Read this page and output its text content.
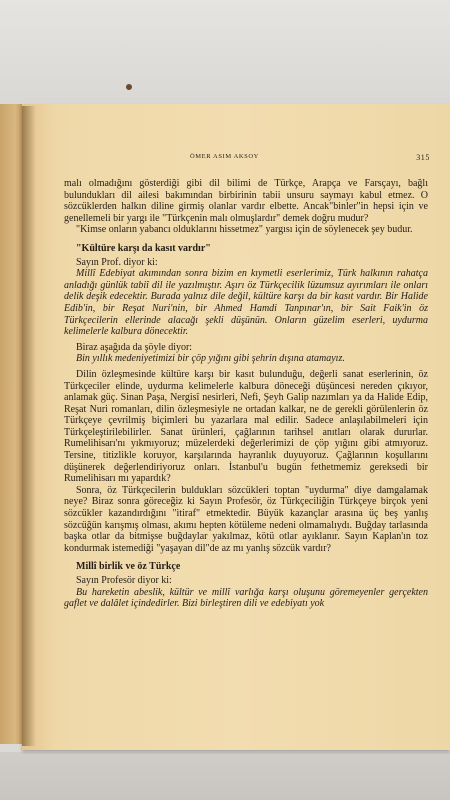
ÖMER ASIM AKSOY	315

malı olmadığını gösterdiği gibi dil bilimi de Türkçe, Arapça ve Farsçayı, bağlı bulundukları dil ailesi bakımından birbirinin tabii unsuru saymayı kabul etmez. O sözcüklerden halkın diline girmiş olanlar vardır elbette. Ancak"binler"in hepsi için ve genellemeli bir yargı ile "Türkçenin malı olmuşlardır" demek doğru mudur?

"Kimse onların yabancı olduklarını hissetmez" yargısı için de söylenecek şey budur.

"Kültüre karşı da kasıt vardır"

Sayın Prof. diyor ki:

Millî Edebiyat akımından sonra bizim en kıymetli eserlerimiz, Türk halkının rahatça anladığı günlük tabiî dil ile yazılmıştır. Aşırı öz Türkçecilik lüzumsuz ayırımları ile onları delik deşik edecektir. Burada yalnız dile değil, kültüre karşı da bir kasıt vardır. Bir Halide Edib'in, bir Reşat Nuri'nin, bir Ahmed Hamdi Tanpınar'ın, bir Sait Faik'in öz Türkçecilerin ellerinde alacağı şekli düşünün. Onların güzelim eserleri, uydurma kelimelerle kalbura dönecektir.

Biraz aşağıda da şöyle diyor:

Bin yıllık medeniyetimizi bir çöp yığını gibi şehrin dışına atamayız.

Dilin özleşmesinde kültüre karşı bir kasıt bulunduğu, değerli sanat eserlerinin, öz Türkçeciler elinde, uydurma kelimelerle kalbura döneceği düşüncesi nereden çıkıyor, anlamak güç. Sinan Paşa, Nergisî nesirleri, Nefi, Şeyh Galip nazımları ya da Halide Edip, Reşat Nuri romanları, dilin özleşmesiyle ne ortadan kalkar, ne de gerekli görülenlerin öz Türkçeye çevrilmiş biçimleri bu yazarlara mal edilir. Sadece anlaşılabilmeleri için Türkçeleştirilebilirler. Sanat ürünleri, çağlarının tarihsel anıtları olarak dururlar. Rumelihisarı'nı yıkmıyoruz; müzelerdeki değerlerimizi de çöp yığını gibi atmıyoruz. Tersine, titizlikle koruyor, karşılarında hayranlık duyuyoruz. Çağlarının koşullarını düşünerek değerlendiriyoruz onları. İstanbul'u bugün fethetmemiz gereksedi bir Rumelihisarı mı yapardık?

Sonra, öz Türkçecilerin buldukları sözcükleri toptan "uydurma" diye damgalamak neye? Biraz sonra göreceğiz ki Sayın Profesör, öz Türkçeciliğin Türkçeye birçok yeni sözcükler kazandırdığını "itiraf" etmektedir. Büyük kazançlar arasına üç beş yanlış sözcüğün karışmış olması, akımı hepten kötüleme nedeni olmamalıydı. Buğday tarlasında başka otlar da bitmişse buğdaylar yakılmaz, kötü otlar ayıklanır. Sayın Kaplan'ın toz kondurmak istemediği "yaşayan dil"de az mı yanlış sözcük vardır?

Millî birlik ve öz Türkçe

Sayın Profesör diyor ki:

Bu hareketin abeslik, kültür ve millî varlığa karşı oluşunu göremeyenler gerçekten gaflet ve dalâlet içindedirler. Bizi birleştiren dili ve edebiyatı yok
